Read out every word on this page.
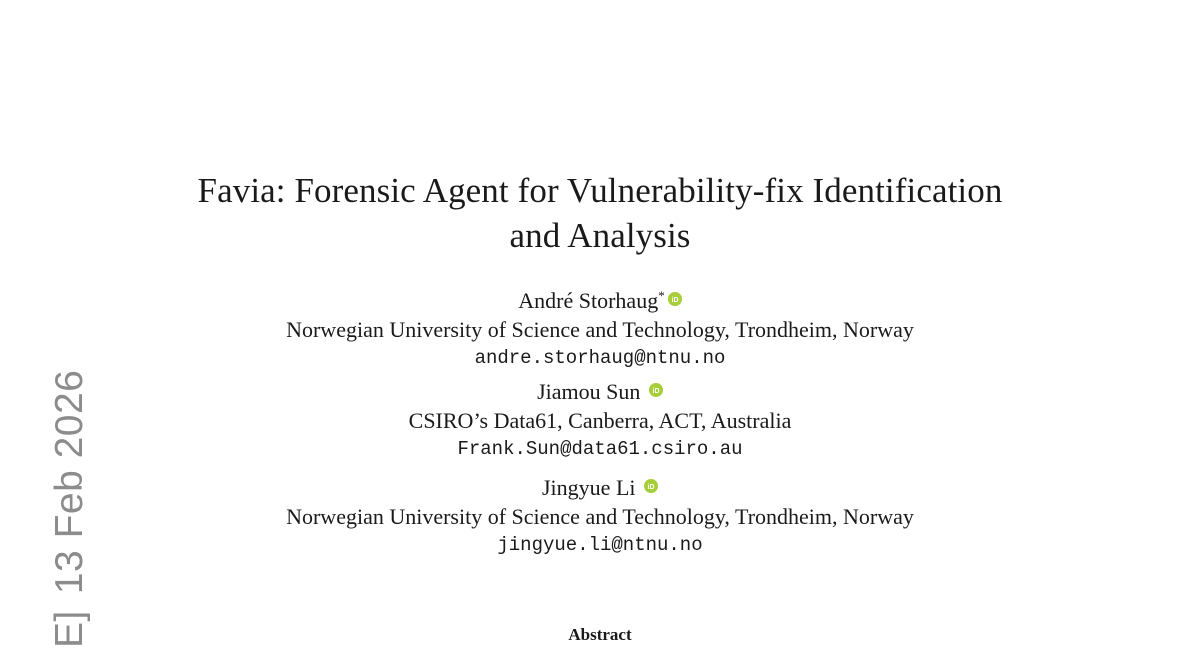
Favia: Forensic Agent for Vulnerability-fix Identification
and Analysis
André Storhaug* iD
Norwegian University of Science and Technology, Trondheim, Norway
andre.storhaug@ntnu.no
Jiamou Sun iD
CSIRO’s Data61, Canberra, ACT, Australia
Frank.Sun@data61.csiro.au
Jingyue Li iD
Norwegian University of Science and Technology, Trondheim, Norway
jingyue.li@ntnu.no
Abstract
E]13 Feb 2026
